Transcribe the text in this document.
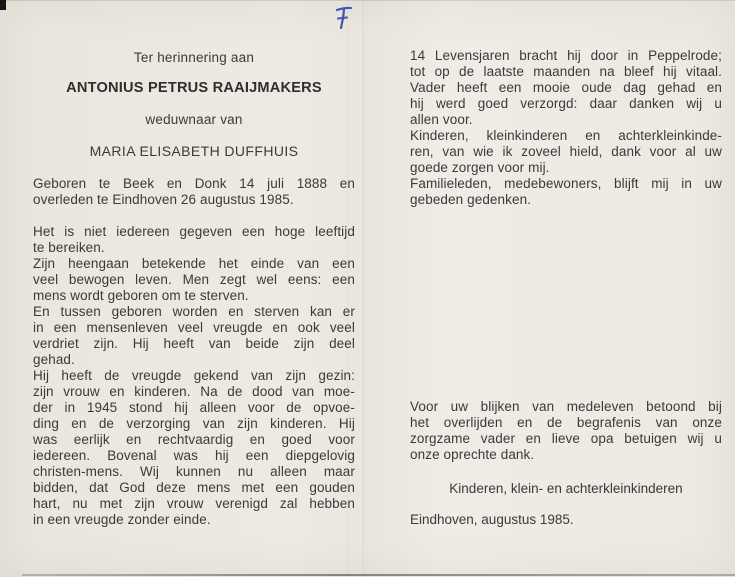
Ter herinnering aan
ANTONIUS PETRUS RAAIJMAKERS
weduwnaar van
MARIA ELISABETH DUFFHUIS
Geboren te Beek en Donk 14 juli 1888 en
overleden te Eindhoven 26 augustus 1985.
Het is niet iedereen gegeven een hoge leeftijd
te bereiken.
Zijn heengaan betekende het einde van een
veel bewogen leven. Men zegt wel eens: een
mens wordt geboren om te sterven.
En tussen geboren worden en sterven kan er
in een mensenleven veel vreugde en ook veel
verdriet zijn. Hij heeft van beide zijn deel
gehad.
Hij heeft de vreugde gekend van zijn gezin:
zijn vrouw en kinderen. Na de dood van moe-
der in 1945 stond hij alleen voor de opvoe-
ding en de verzorging van zijn kinderen. Hij
was eerlijk en rechtvaardig en goed voor
iedereen. Bovenal was hij een diepgelovig
christen-mens. Wij kunnen nu alleen maar
bidden, dat God deze mens met een gouden
hart, nu met zijn vrouw verenigd zal hebben
in een vreugde zonder einde.
14 Levensjaren bracht hij door in Peppelrode;
tot op de laatste maanden na bleef hij vitaal.
Vader heeft een mooie oude dag gehad en
hij werd goed verzorgd: daar danken wij u
allen voor.
Kinderen, kleinkinderen en achterkleinkinde-
ren, van wie ik zoveel hield, dank voor al uw
goede zorgen voor mij.
Familieleden, medebewoners, blijft mij in uw
gebeden gedenken.
Voor uw blijken van medeleven betoond bij
het overlijden en de begrafenis van onze
zorgzame vader en lieve opa betuigen wij u
onze oprechte dank.
Kinderen, klein- en achterkleinkinderen
Eindhoven, augustus 1985.
